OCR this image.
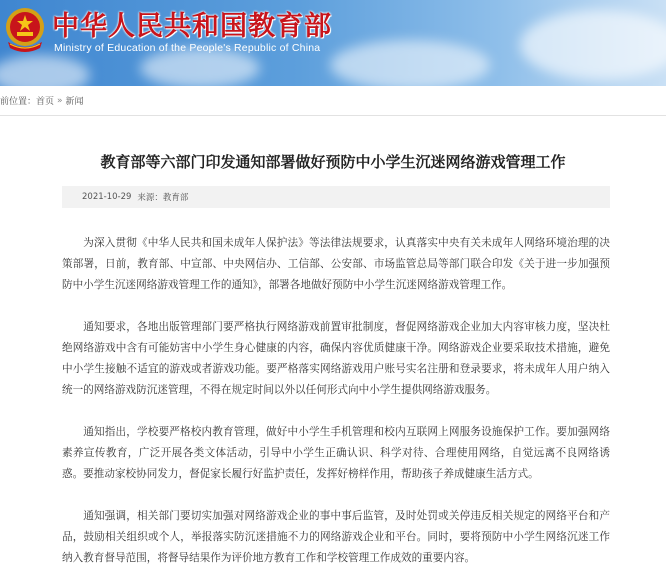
中华人民共和国教育部
Ministry of Education of the People's Republic of China
前位置： 首页 » 新闻
教育部等六部门印发通知部署做好预防中小学生沉迷网络游戏管理工作
2021-10-29 来源： 教育部

为深入贯彻《中华人民共和国未成年人保护法》等法律法规要求，认真落实中央有关未成年人网络环境治理的决策部署，日前，教育部、中宣部、中央网信办、工信部、公安部、市场监管总局等部门联合印发《关于进一步加强预防中小学生沉迷网络游戏管理工作的通知》，部署各地做好预防中小学生沉迷网络游戏管理工作。

通知要求，各地出版管理部门要严格执行网络游戏前置审批制度，督促网络游戏企业加大内容审核力度，坚决杜绝网络游戏中含有可能妨害中小学生身心健康的内容，确保内容优质健康干净。网络游戏企业要采取技术措施，避免中小学生接触不适宜的游戏或者游戏功能。要严格落实网络游戏用户账号实名注册和登录要求，将未成年人用户纳入统一的网络游戏防沉迷管理，不得在规定时间以外以任何形式向中小学生提供网络游戏服务。

通知指出，学校要严格校内教育管理，做好中小学生手机管理和校内互联网上网服务设施保护工作。要加强网络素养宣传教育，广泛开展各类文体活动，引导中小学生正确认识、科学对待、合理使用网络，自觉远离不良网络诱惑。要推动家校协同发力，督促家长履行好监护责任，发挥好榜样作用，帮助孩子养成健康生活方式。

通知强调，相关部门要切实加强对网络游戏企业的事中事后监管，及时处罚或关停违反相关规定的网络平台和产品，鼓励相关组织或个人，举报落实防沉迷措施不力的网络游戏企业和平台。同时，要将预防中小学生网络沉迷工作纳入教育督导范围，将督导结果作为评价地方教育工作和学校管理工作成效的重要内容。
